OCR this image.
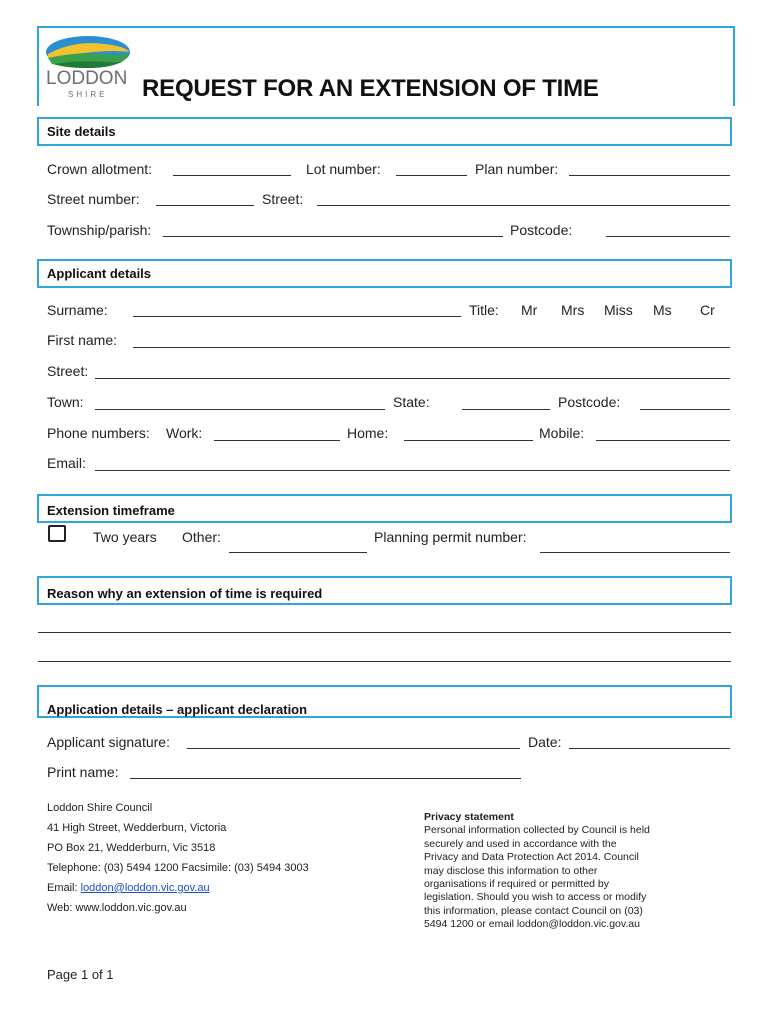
LODDON
SHIRE REQUEST FOR AN EXTENSION OF TIME
Site details
Crown allotment:	Lot number:	Plan number:
Street number:	Street:
Township/parish:	Postcode:
Applicant details
Surname:	Title: Mr Mrs Miss Ms Cr
First name:
Street:
Town:	State:	Postcode:
Phone numbers: Work:	Home:	Mobile:
Email:
Extension timeframe
Two years Other:	Planning permit number:
Reason why an extension of time is required
Application details – applicant declaration
Applicant signature:	Date:
Print name:
Loddon Shire Council
41 High Street, Wedderburn, Victoria
PO Box 21, Wedderburn, Vic 3518
Telephone: (03) 5494 1200 Facsimile: (03) 5494 3003
Email: loddon@loddon.vic.gov.au
Web: www.loddon.vic.gov.au
Privacy statement
Personal information collected by Council is held
securely and used in accordance with the
Privacy and Data Protection Act 2014. Council
may disclose this information to other
organisations if required or permitted by
legislation. Should you wish to access or modify
this information, please contact Council on (03)
5494 1200 or email loddon@loddon.vic.gov.au
Page 1 of 1
